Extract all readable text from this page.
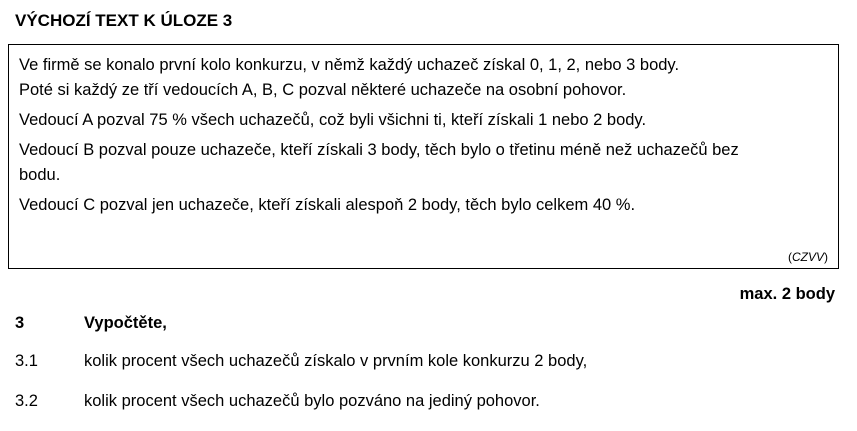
VÝCHOZÍ TEXT K ÚLOZE 3
Ve firmě se konalo první kolo konkurzu, v němž každý uchazeč získal 0, 1, 2, nebo 3 body.
Poté si každý ze tří vedoucích A, B, C pozval některé uchazeče na osobní pohovor.
Vedoucí A pozval 75 % všech uchazečů, což byli všichni ti, kteří získali 1 nebo 2 body.
Vedoucí B pozval pouze uchazeče, kteří získali 3 body, těch bylo o třetinu méně než uchazečů bez bodu.
Vedoucí C pozval jen uchazeče, kteří získali alespoň 2 body, těch bylo celkem 40 %.
(CZVV)
max. 2 body
3	Vypočtěte,
3.1	kolik procent všech uchazečů získalo v prvním kole konkurzu 2 body,
3.2	kolik procent všech uchazečů bylo pozváno na jediný pohovor.
